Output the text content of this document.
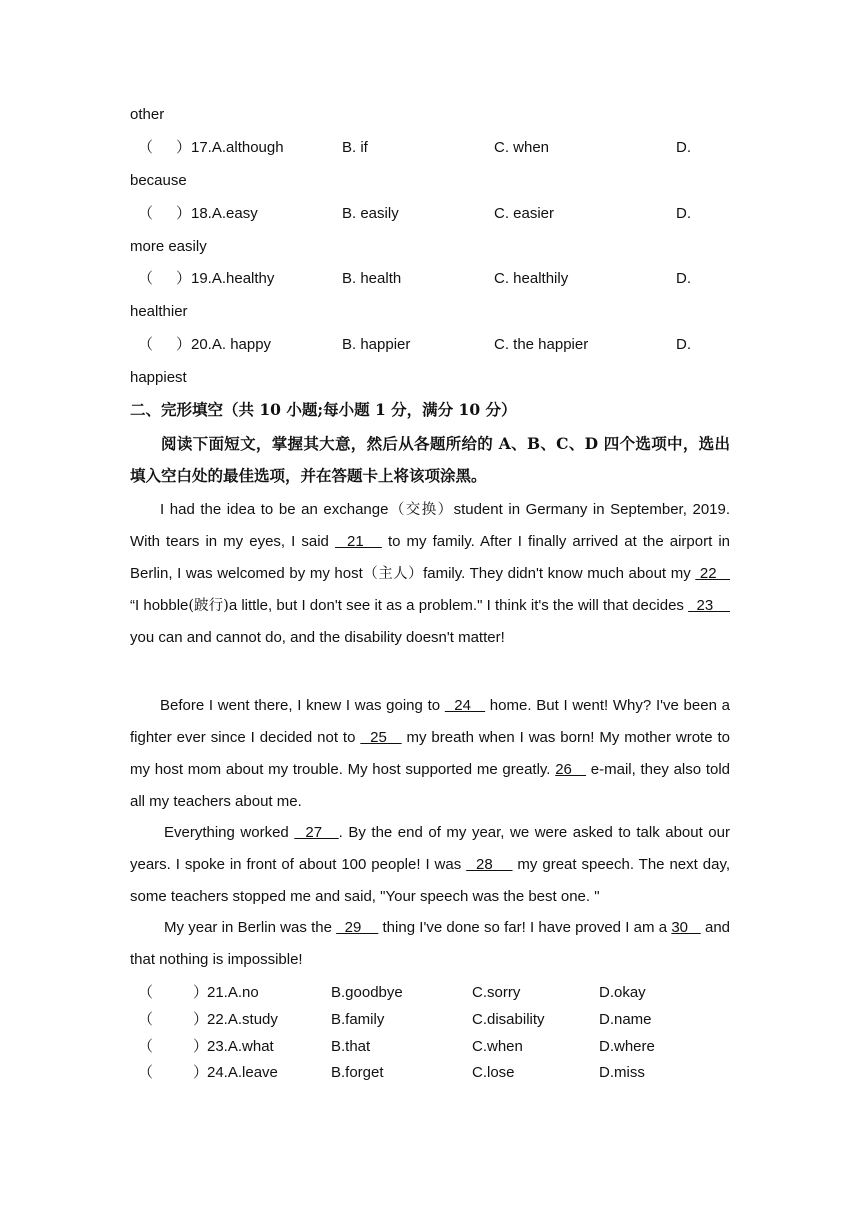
other
（ ） 17.A.although	B. if	C. when	D.
because
（ ） 18.A.easy	B. easily	C. easier	D.
more easily
（ ） 19.A.healthy	B. health	C. healthily	D.
healthier
（ ） 20.A. happy	B. happier	C. the happier	D.
happiest
二、完形填空（共 10 小题;每小题 1 分，满分 10 分）
阅读下面短文，掌握其大意，然后从各题所给的 A、B、C、D 四个选项中，选出填入空白处的最佳选项，并在答题卡上将该项涂黑。
I had the idea to be an exchange（交换）student in Germany in September, 2019. With tears in my eyes, I said   21    to my family. After I finally arrived at the airport in Berlin, I was welcomed by my host（主人）family. They didn't know much about my  22    “I hobble(跛行)a little, but I don't see it as a problem." I think it's the will that decides   23     you can and cannot do, and the disability doesn't matter!
Before I went there, I knew I was going to   24    home. But I went! Why? I've been a fighter ever since I decided not to   25    my breath when I was born! My mother wrote to my host mom about my trouble. My host supported me greatly. 26    e-mail, they also told all my teachers about me.
Everything worked   27   . By the end of my year, we were asked to talk about our years. I spoke in front of about 100 people! I was   28     my great speech. The next day, some teachers stopped me and said, "Your speech was the best one. "
My year in Berlin was the   29     thing I've done so far! I have proved I am a 30    and that nothing is impossible!
（	）
21.A.no	B.goodbye	C.sorry	D.okay
（	）
22.A.study	B.family	C.disability	D.name
（	）
23.A.what	B.that	C.when	D.where
（	）
24.A.leave	B.forget	C.lose	D.miss
